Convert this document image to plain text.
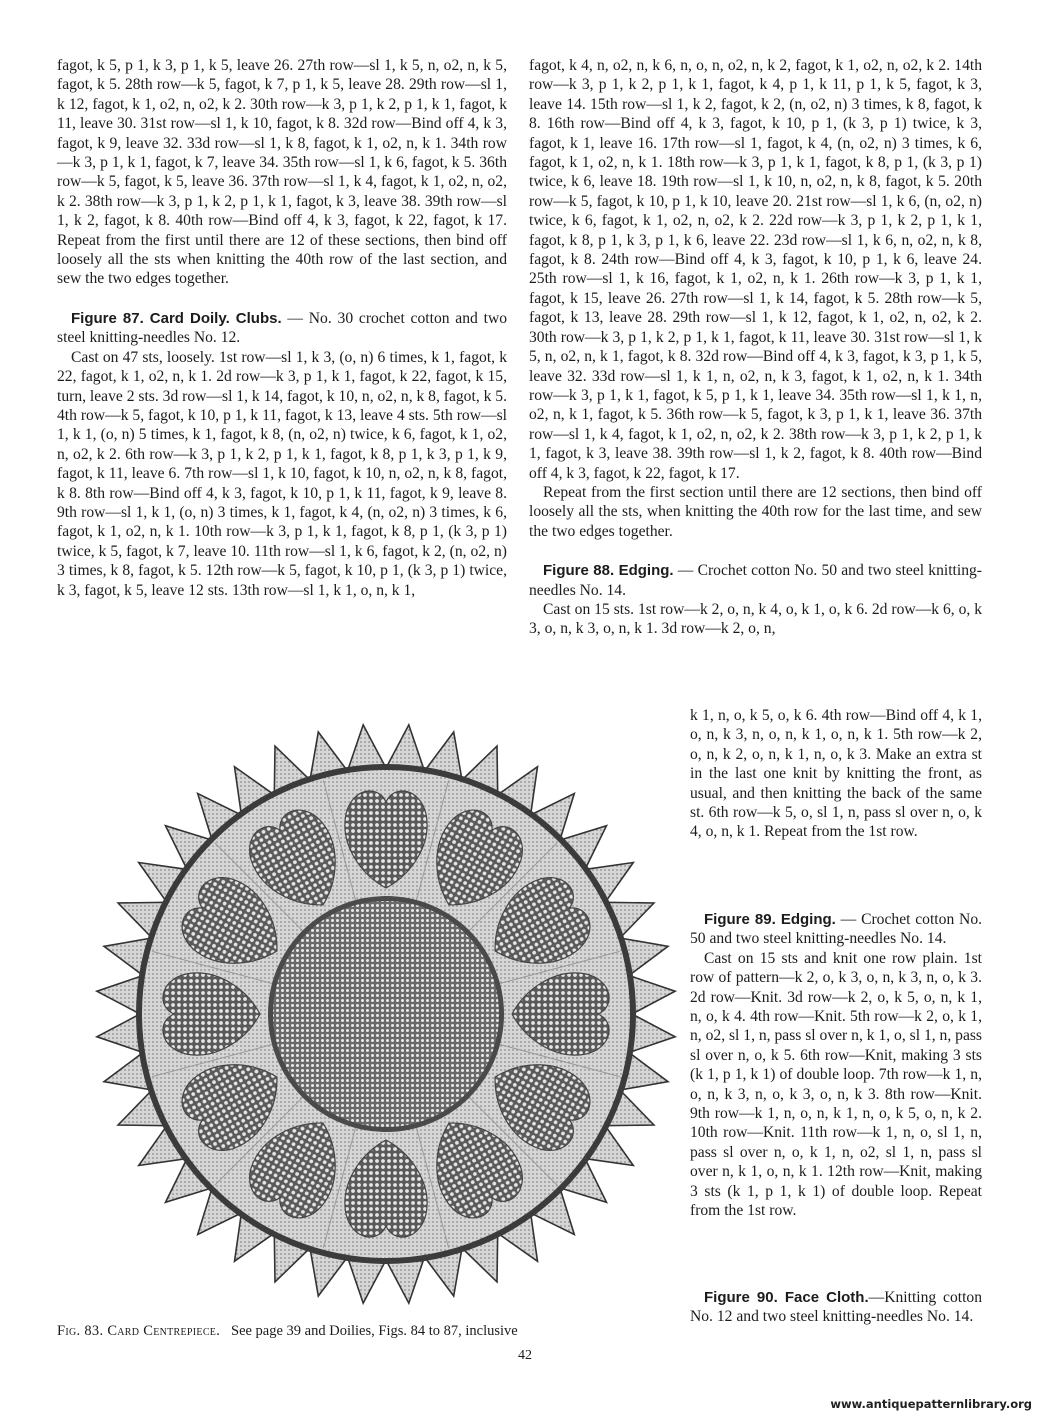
fagot, k 5, p 1, k 3, p 1, k 5, leave 26. 27th row—sl 1, k 5, n, o2, n, k 5, fagot, k 5. 28th row—k 5, fagot, k 7, p 1, k 5, leave 28. 29th row—sl 1, k 12, fagot, k 1, o2, n, o2, k 2. 30th row—k 3, p 1, k 2, p 1, k 1, fagot, k 11, leave 30. 31st row—sl 1, k 10, fagot, k 8. 32d row—Bind off 4, k 3, fagot, k 9, leave 32. 33d row—sl 1, k 8, fagot, k 1, o2, n, k 1. 34th row—k 3, p 1, k 1, fagot, k 7, leave 34. 35th row—sl 1, k 6, fagot, k 5. 36th row—k 5, fagot, k 5, leave 36. 37th row—sl 1, k 4, fagot, k 1, o2, n, o2, k 2. 38th row—k 3, p 1, k 2, p 1, k 1, fagot, k 3, leave 38. 39th row—sl 1, k 2, fagot, k 8. 40th row—Bind off 4, k 3, fagot, k 22, fagot, k 17. Repeat from the first until there are 12 of these sections, then bind off loosely all the sts when knitting the 40th row of the last section, and sew the two edges together.

Figure 87. Card Doily. Clubs. — No. 30 crochet cotton and two steel knitting-needles No. 12.

Cast on 47 sts, loosely. 1st row—sl 1, k 3, (o, n) 6 times, k 1, fagot, k 22, fagot, k 1, o2, n, k 1. 2d row—k 3, p 1, k 1, fagot, k 22, fagot, k 15, turn, leave 2 sts. 3d row—sl 1, k 14, fagot, k 10, n, o2, n, k 8, fagot, k 5. 4th row—k 5, fagot, k 10, p 1, k 11, fagot, k 13, leave 4 sts. 5th row—sl 1, k 1, (o, n) 5 times, k 1, fagot, k 8, (n, o2, n) twice, k 6, fagot, k 1, o2, n, o2, k 2. 6th row—k 3, p 1, k 2, p 1, k 1, fagot, k 8, p 1, k 3, p 1, k 9, fagot, k 11, leave 6. 7th row—sl 1, k 10, fagot, k 10, n, o2, n, k 8, fagot, k 8. 8th row—Bind off 4, k 3, fagot, k 10, p 1, k 11, fagot, k 9, leave 8. 9th row—sl 1, k 1, (o, n) 3 times, k 1, fagot, k 4, (n, o2, n) 3 times, k 6, fagot, k 1, o2, n, k 1. 10th row—k 3, p 1, k 1, fagot, k 8, p 1, (k 3, p 1) twice, k 5, fagot, k 7, leave 10. 11th row—sl 1, k 6, fagot, k 2, (n, o2, n) 3 times, k 8, fagot, k 5. 12th row—k 5, fagot, k 10, p 1, (k 3, p 1) twice, k 3, fagot, k 5, leave 12 sts. 13th row—sl 1, k 1, o, n, k 1,

fagot, k 4, n, o2, n, k 6, n, o, n, o2, n, k 2, fagot, k 1, o2, n, o2, k 2. 14th row—k 3, p 1, k 2, p 1, k 1, fagot, k 4, p 1, k 11, p 1, k 5, fagot, k 3, leave 14. 15th row—sl 1, k 2, fagot, k 2, (n, o2, n) 3 times, k 8, fagot, k 8. 16th row—Bind off 4, k 3, fagot, k 10, p 1, (k 3, p 1) twice, k 3, fagot, k 1, leave 16. 17th row—sl 1, fagot, k 4, (n, o2, n) 3 times, k 6, fagot, k 1, o2, n, k 1. 18th row—k 3, p 1, k 1, fagot, k 8, p 1, (k 3, p 1) twice, k 6, leave 18. 19th row—sl 1, k 10, n, o2, n, k 8, fagot, k 5. 20th row—k 5, fagot, k 10, p 1, k 10, leave 20. 21st row—sl 1, k 6, (n, o2, n) twice, k 6, fagot, k 1, o2, n, o2, k 2. 22d row—k 3, p 1, k 2, p 1, k 1, fagot, k 8, p 1, k 3, p 1, k 6, leave 22. 23d row—sl 1, k 6, n, o2, n, k 8, fagot, k 8. 24th row—Bind off 4, k 3, fagot, k 10, p 1, k 6, leave 24. 25th row—sl 1, k 16, fagot, k 1, o2, n, k 1. 26th row—k 3, p 1, k 1, fagot, k 15, leave 26. 27th row—sl 1, k 14, fagot, k 5. 28th row—k 5, fagot, k 13, leave 28. 29th row—sl 1, k 12, fagot, k 1, o2, n, o2, k 2. 30th row—k 3, p 1, k 2, p 1, k 1, fagot, k 11, leave 30. 31st row—sl 1, k 5, n, o2, n, k 1, fagot, k 8. 32d row—Bind off 4, k 3, fagot, k 3, p 1, k 5, leave 32. 33d row—sl 1, k 1, n, o2, n, k 3, fagot, k 1, o2, n, k 1. 34th row—k 3, p 1, k 1, fagot, k 5, p 1, k 1, leave 34. 35th row—sl 1, k 1, n, o2, n, k 1, fagot, k 5. 36th row—k 5, fagot, k 3, p 1, k 1, leave 36. 37th row—sl 1, k 4, fagot, k 1, o2, n, o2, k 2. 38th row—k 3, p 1, k 2, p 1, k 1, fagot, k 3, leave 38. 39th row—sl 1, k 2, fagot, k 8. 40th row—Bind off 4, k 3, fagot, k 22, fagot, k 17.

Repeat from the first section until there are 12 sections, then bind off loosely all the sts, when knitting the 40th row for the last time, and sew the two edges together.

Figure 88. Edging. — Crochet cotton No. 50 and two steel knitting-needles No. 14.

Cast on 15 sts. 1st row—k 2, o, n, k 4, o, k 1, o, k 6. 2d row—k 6, o, k 3, o, n, k 3, o, n, k 1. 3d row—k 2, o, n,

k 1, n, o, k 5, o, k 6. 4th row—Bind off 4, k 1, o, n, k 3, n, o, n, k 1, o, n, k 1. 5th row—k 2, o, n, k 2, o, n, k 1, n, o, k 3. Make an extra st in the last one knit by knitting the front, as usual, and then knitting the back of the same st. 6th row—k 5, o, sl 1, n, pass sl over n, o, k 4, o, n, k 1. Repeat from the 1st row.

Figure 89. Edging. — Crochet cotton No. 50 and two steel knitting-needles No. 14.

Cast on 15 sts and knit one row plain. 1st row of pattern—k 2, o, k 3, o, n, k 3, n, o, k 3. 2d row—Knit. 3d row—k 2, o, k 5, o, n, k 1, n, o, k 4. 4th row—Knit. 5th row—k 2, o, k 1, n, o2, sl 1, n, pass sl over n, k 1, o, sl 1, n, pass sl over n, o, k 5. 6th row—Knit, making 3 sts (k 1, p 1, k 1) of double loop. 7th row—k 1, n, o, n, k 3, n, o, k 3, o, n, k 3. 8th row—Knit. 9th row—k 1, n, o, n, k 1, n, o, k 5, o, n, k 2. 10th row—Knit. 11th row—k 1, n, o, sl 1, n, pass sl over n, o, k 1, n, o2, sl 1, n, pass sl over n, k 1, o, n, k 1. 12th row—Knit, making 3 sts (k 1, p 1, k 1) of double loop. Repeat from the 1st row.

Figure 90. Face Cloth.—Knitting cotton No. 12 and two steel knitting-needles No. 14.

Fig. 83. Card Centrepiece. See page 39 and Doilies, Figs. 84 to 87, inclusive
42
www.antiquepatternlibrary.org
